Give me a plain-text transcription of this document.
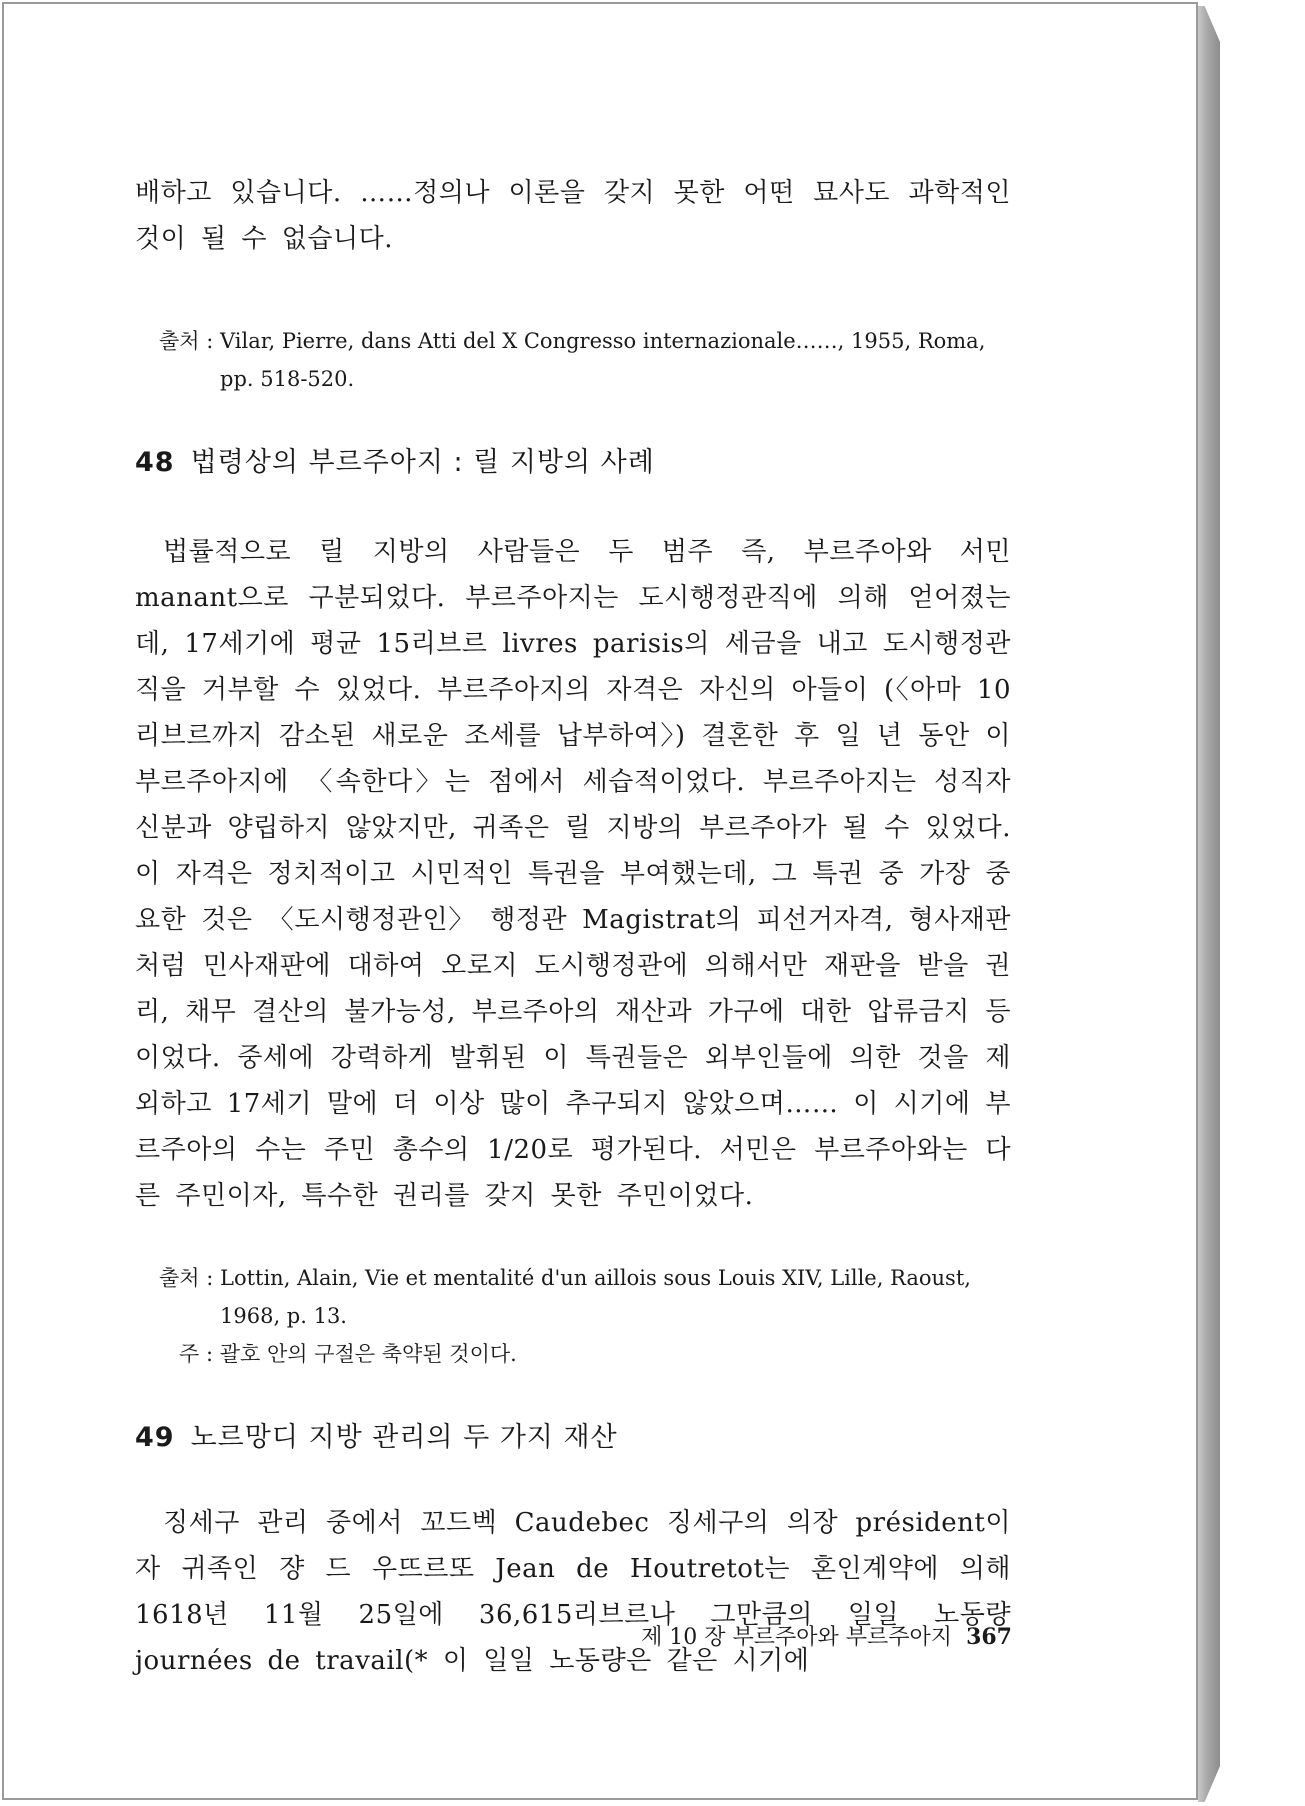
배하고 있습니다. ……정의나 이론을 갖지 못한 어떤 묘사도 과학적인 것이 될 수 없습니다.

출처 : Vilar, Pierre, dans Atti del X Congresso internazionale……, 1955, Roma, pp. 518-520.
48 법령상의 부르주아지 : 릴 지방의 사례

법률적으로 릴 지방의 사람들은 두 범주 즉, 부르주아와 서민 manant으로 구분되었다. 부르주아지는 도시행정관직에 의해 얻어졌는데, 17세기에 평균 15리브르 livres parisis의 세금을 내고 도시행정관직을 거부할 수 있었다. 부르주아지의 자격은 자신의 아들이 (〈아마 10리브르까지 감소된 새로운 조세를 납부하여〉) 결혼한 후 일 년 동안 이 부르주아지에 〈속한다〉는 점에서 세습적이었다. 부르주아지는 성직자 신분과 양립하지 않았지만, 귀족은 릴 지방의 부르주아가 될 수 있었다. 이 자격은 정치적이고 시민적인 특권을 부여했는데, 그 특권 중 가장 중요한 것은 〈도시행정관인〉 행정관 Magistrat의 피선거자격, 형사재판처럼 민사재판에 대하여 오로지 도시행정관에 의해서만 재판을 받을 권리, 채무 결산의 불가능성, 부르주아의 재산과 가구에 대한 압류금지 등이었다. 중세에 강력하게 발휘된 이 특권들은 외부인들에 의한 것을 제외하고 17세기 말에 더 이상 많이 추구되지 않았으며…… 이 시기에 부르주아의 수는 주민 총수의 1/20로 평가된다. 서민은 부르주아와는 다른 주민이자, 특수한 권리를 갖지 못한 주민이었다.

출처 : Lottin, Alain, Vie et mentalité d'un aillois sous Louis XIV, Lille, Raoust, 1968, p. 13.
주 : 괄호 안의 구절은 축약된 것이다.
49 노르망디 지방 관리의 두 가지 재산

징세구 관리 중에서 꼬드벡 Caudebec 징세구의 의장 président이자 귀족인 쟝 드 우뜨르또 Jean de Houtretot는 혼인계약에 의해 1618년 11월 25일에 36,615리브르나 그만큼의 일일 노동량 journées de travail(* 이 일일 노동량은 같은 시기에

제 10 장 부르주아와 부르주아지 367
